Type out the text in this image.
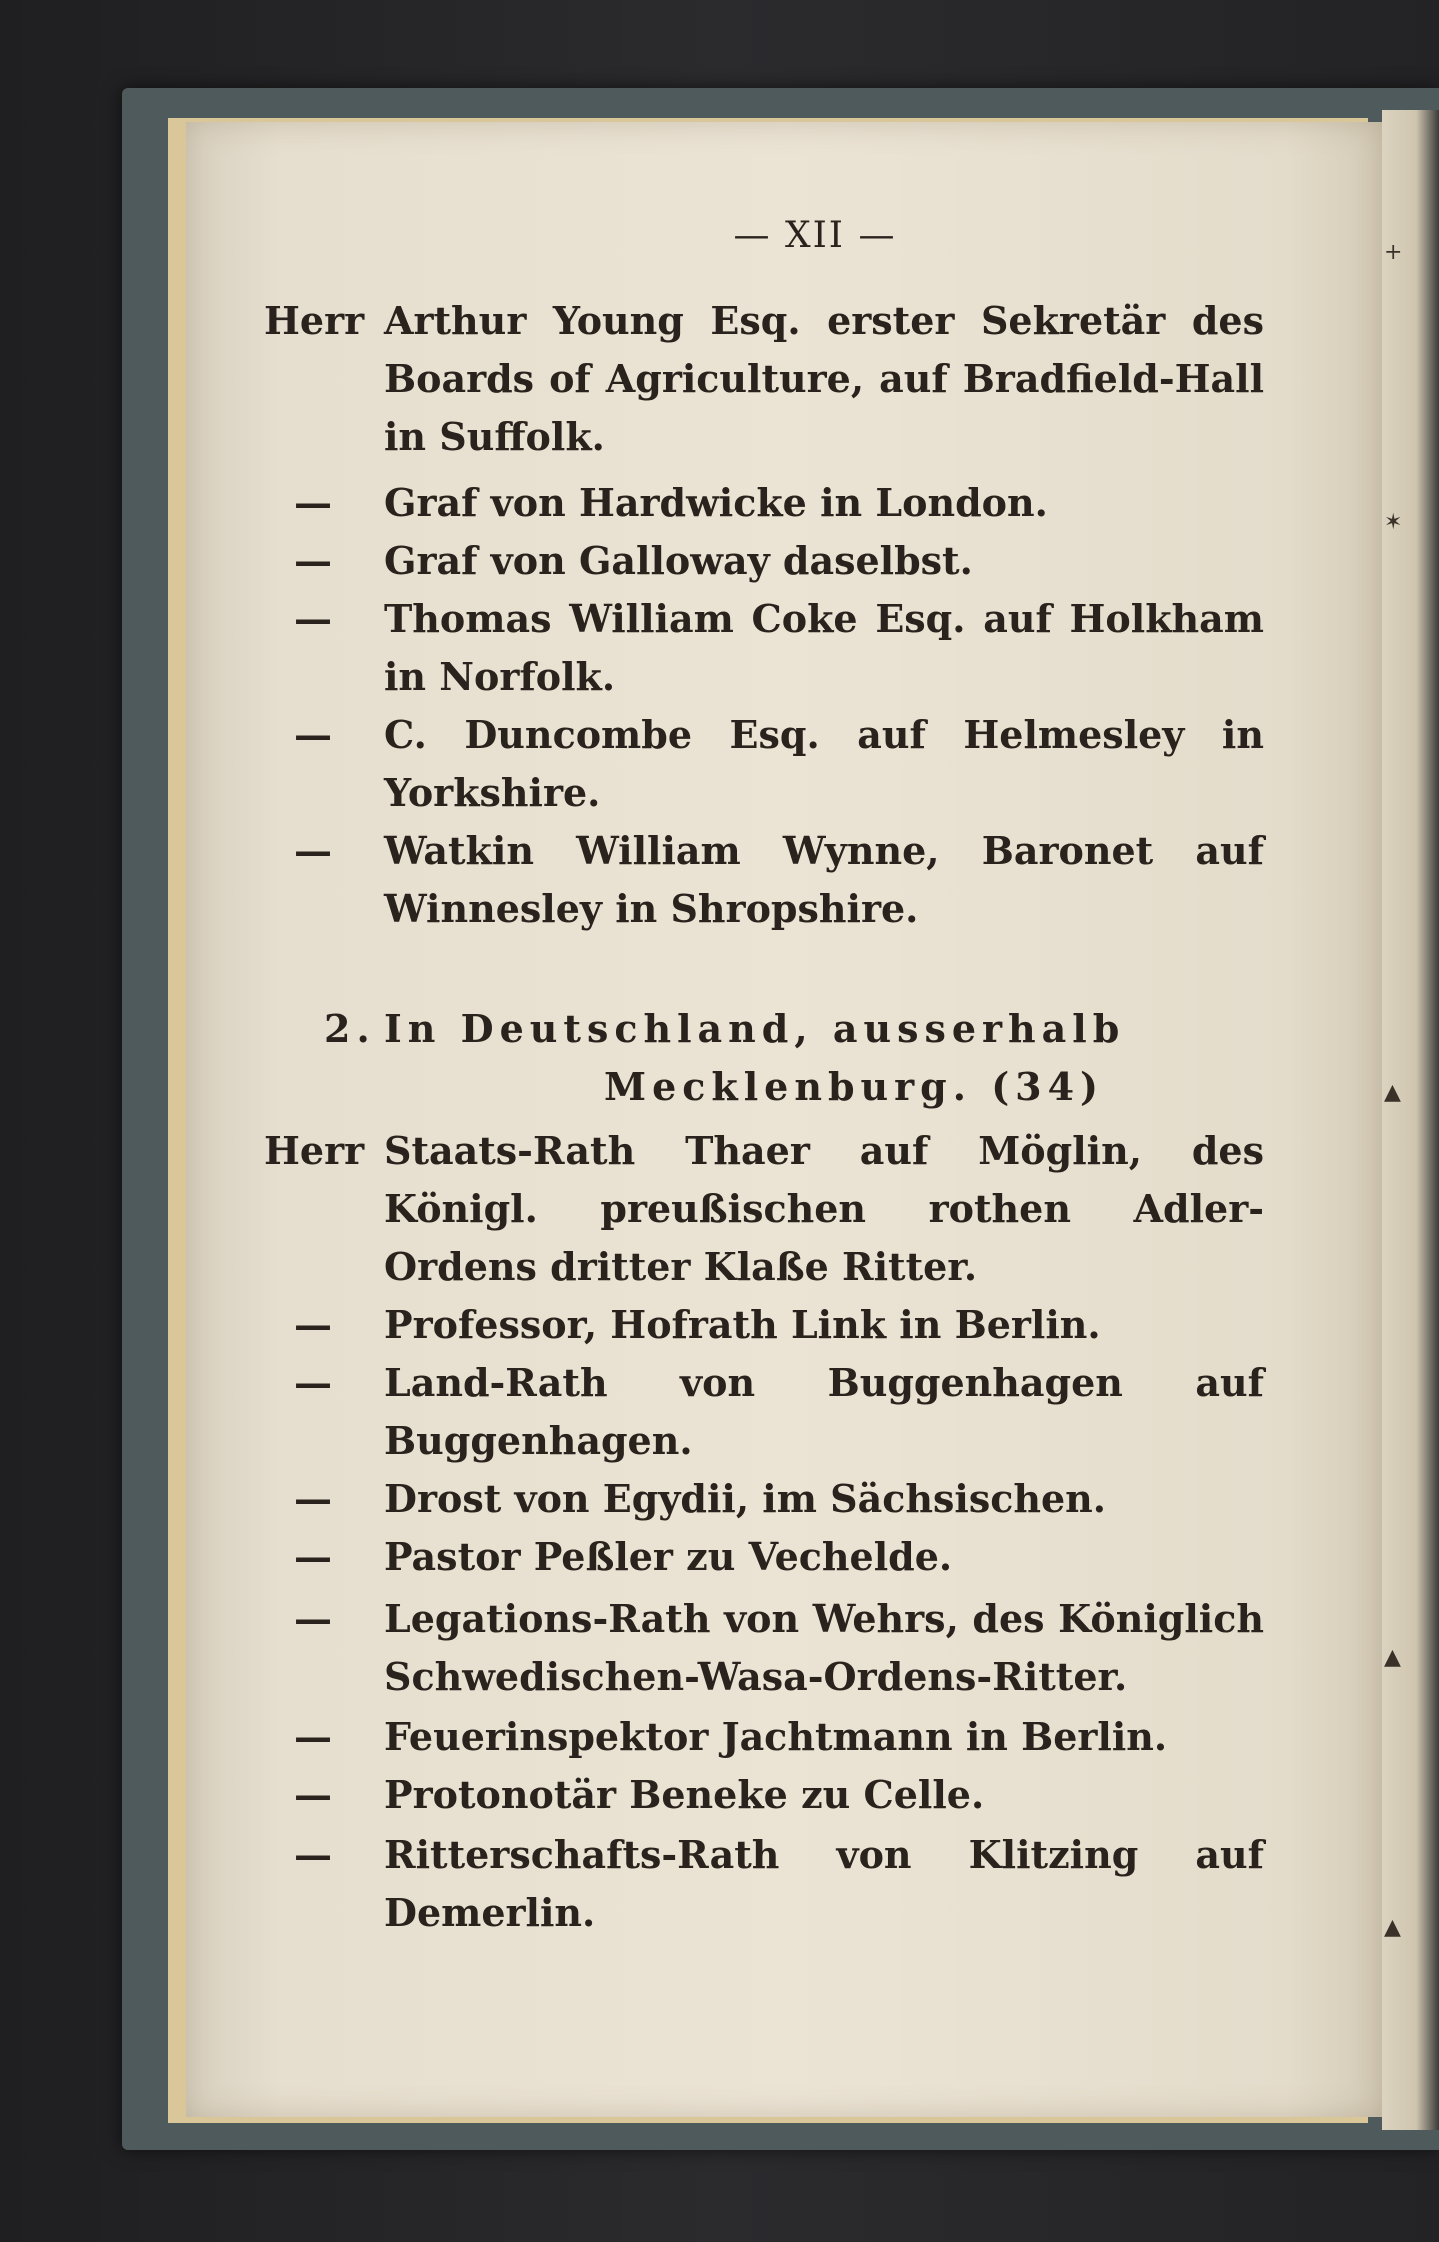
+
✶
▲
▲
▲
— XII —
Herr Arthur Young Esq. erster Sekretär des Boards of Agriculture, auf Bradfield-Hall in Suffolk.
—	Graf von Hardwicke in London.
—	Graf von Galloway daselbst.
—	Thomas William Coke Esq. auf Holkham in Norfolk.
—	C. Duncombe Esq. auf Helmesley in Yorkshire.
—	Watkin William Wynne, Baronet auf Winnesley in Shropshire.
2. In Deutschland, ausserhalb
Mecklenburg. (34)
Herr Staats-Rath Thaer auf Möglin, des Königl. preußischen rothen Adler-Ordens dritter Klaße Ritter.
—	Professor, Hofrath Link in Berlin.
—	Land-Rath von Buggenhagen auf Buggenhagen.
—	Drost von Egydii, im Sächsischen.
—	Pastor Peßler zu Vechelde.
—	Legations-Rath von Wehrs, des Königlich Schwedischen-Wasa-Ordens-Ritter.
—	Feuerinspektor Jachtmann in Berlin.
—	Protonotär Beneke zu Celle.
—	Ritterschafts-Rath von Klitzing auf Demerlin.
